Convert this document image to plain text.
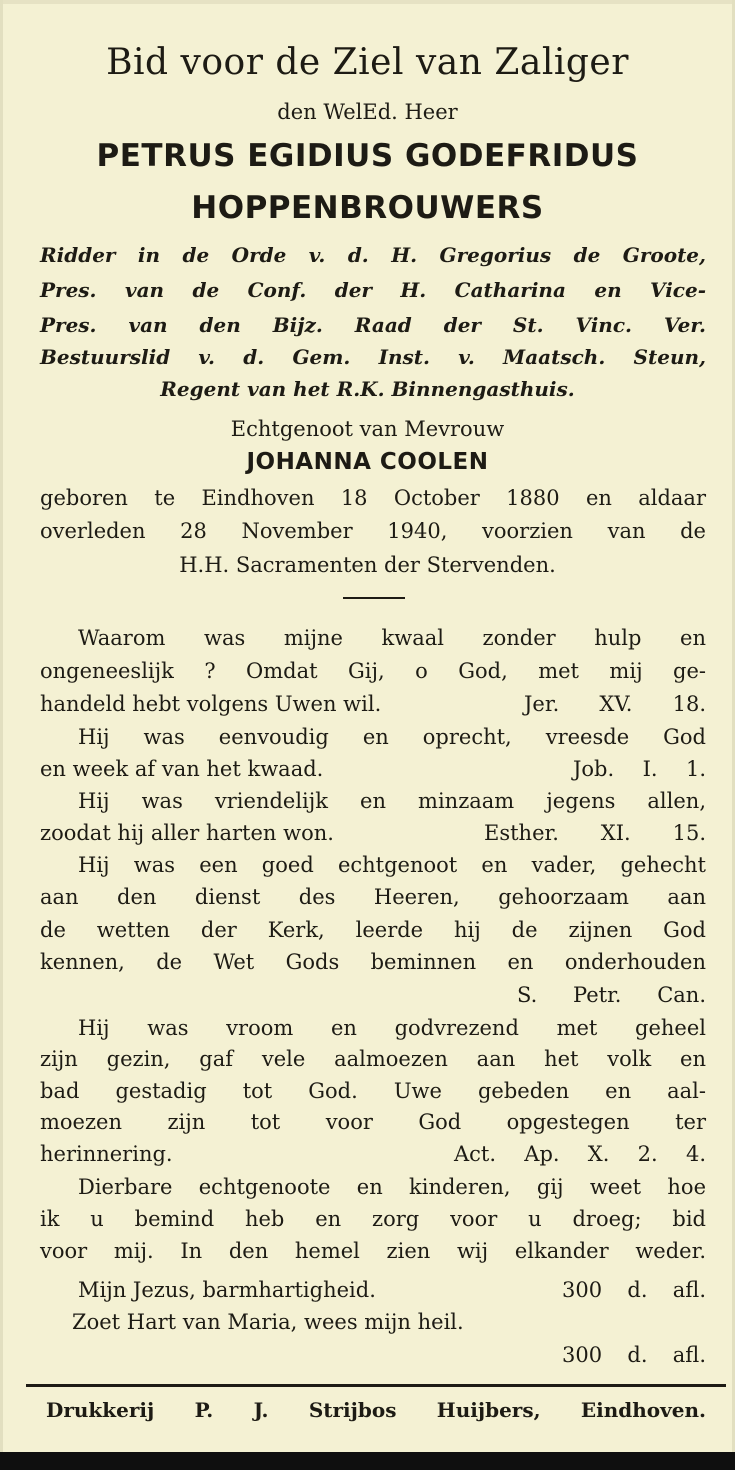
Bid voor de Ziel van Zaliger
den WelEd. Heer
PETRUS EGIDIUS GODEFRIDUS
HOPPENBROUWERS
Ridder in de Orde v. d. H. Gregorius de Groote,
Pres. van de Conf. der H. Catharina en Vice-
Pres. van den Bijz. Raad der St. Vinc. Ver.
Bestuurslid v. d. Gem. Inst. v. Maatsch. Steun,
Regent van het R.K. Binnengasthuis.
Echtgenoot van Mevrouw
JOHANNA COOLEN
geboren te Eindhoven 18 October 1880 en aldaar
overleden 28 November 1940, voorzien van de
H.H. Sacramenten der Stervenden.
Waarom was mijne kwaal zonder hulp en
ongeneeslijk ? Omdat Gij, o God, met mij ge-
handeld hebt volgens Uwen wil.	Jer. XV. 18.
Hij was eenvoudig en oprecht, vreesde God
en week af van het kwaad.	Job. I. 1.
Hij was vriendelijk en minzaam jegens allen,
zoodat hij aller harten won.	Esther. XI. 15.
Hij was een goed echtgenoot en vader, gehecht
aan den dienst des Heeren, gehoorzaam aan
de wetten der Kerk, leerde hij de zijnen God
kennen, de Wet Gods beminnen en onderhouden
S. Petr. Can.
Hij was vroom en godvrezend met geheel
zijn gezin, gaf vele aalmoezen aan het volk en
bad gestadig tot God. Uwe gebeden en aal-
moezen zijn tot voor God opgestegen ter
herinnering.	Act. Ap. X. 2. 4.
Dierbare echtgenoote en kinderen, gij weet hoe
ik u bemind heb en zorg voor u droeg; bid
voor mij. In den hemel zien wij elkander weder.
Mijn Jezus, barmhartigheid.	300 d. afl.
Zoet Hart van Maria, wees mijn heil.
300 d. afl.
Drukkerij P. J. Strijbos Huijbers, Eindhoven.
